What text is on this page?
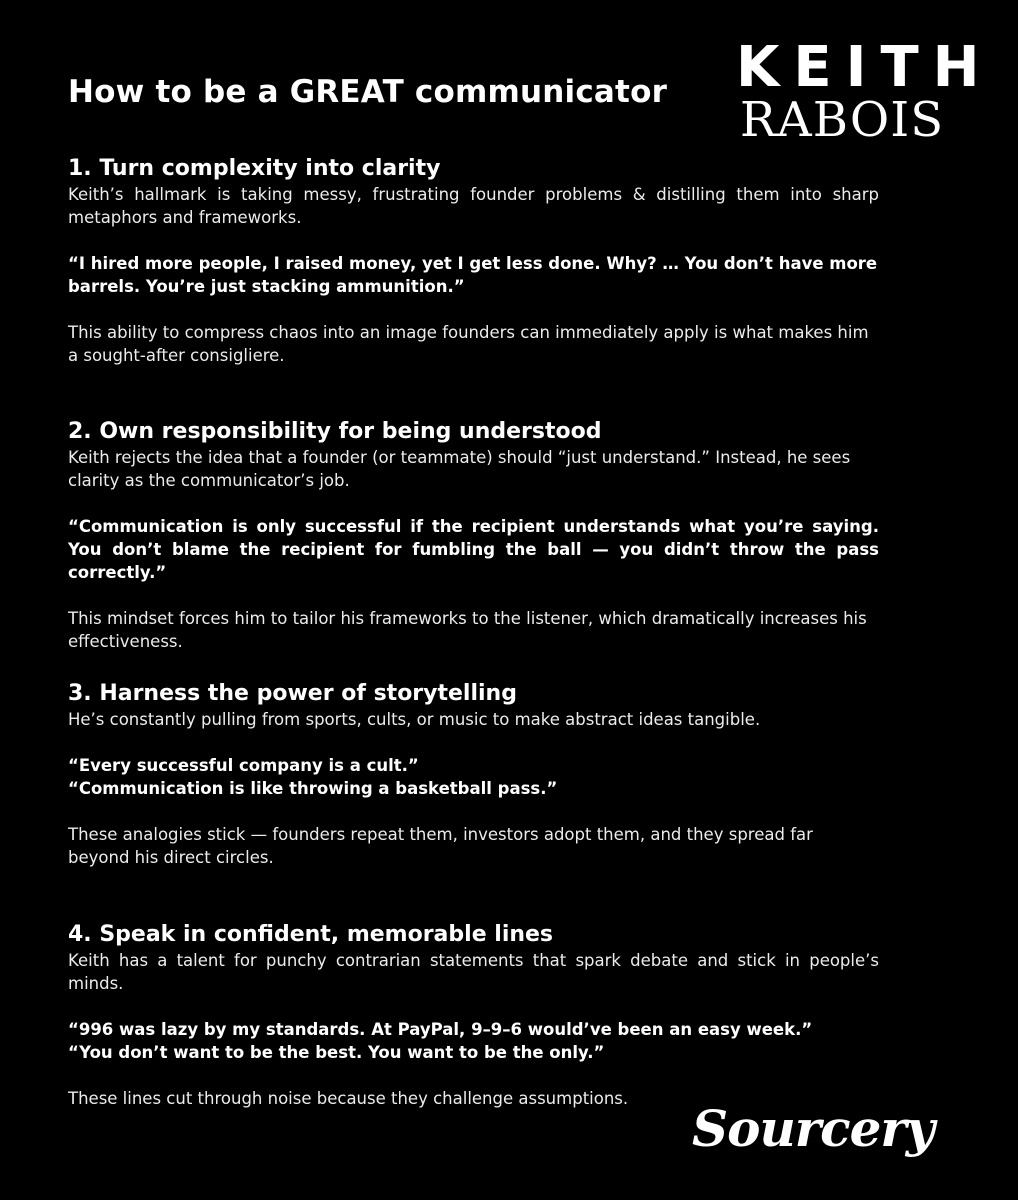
How to be a GREAT communicator KEITH
RABOIS
1. Turn complexity into clarity

Keith’s hallmark is taking messy, frustrating founder problems & distilling them into sharp metaphors and frameworks.

“I hired more people, I raised money, yet I get less done. Why? … You don’t have more barrels. You’re just stacking ammunition.”

This ability to compress chaos into an image founders can immediately apply is what makes him a sought-after consigliere.

2. Own responsibility for being understood

Keith rejects the idea that a founder (or teammate) should “just understand.” Instead, he sees clarity as the communicator’s job.

“Communication is only successful if the recipient understands what you’re saying. You don’t blame the recipient for fumbling the ball — you didn’t throw the pass correctly.”

This mindset forces him to tailor his frameworks to the listener, which dramatically increases his effectiveness.

3. Harness the power of storytelling

He’s constantly pulling from sports, cults, or music to make abstract ideas tangible.

“Every successful company is a cult.”
“Communication is like throwing a basketball pass.”

These analogies stick — founders repeat them, investors adopt them, and they spread far beyond his direct circles.

4. Speak in confident, memorable lines

Keith has a talent for punchy contrarian statements that spark debate and stick in people’s minds.

“996 was lazy by my standards. At PayPal, 9–9–6 would’ve been an easy week.”
“You don’t want to be the best. You want to be the only.”

These lines cut through noise because they challenge assumptions.

Sourcery
